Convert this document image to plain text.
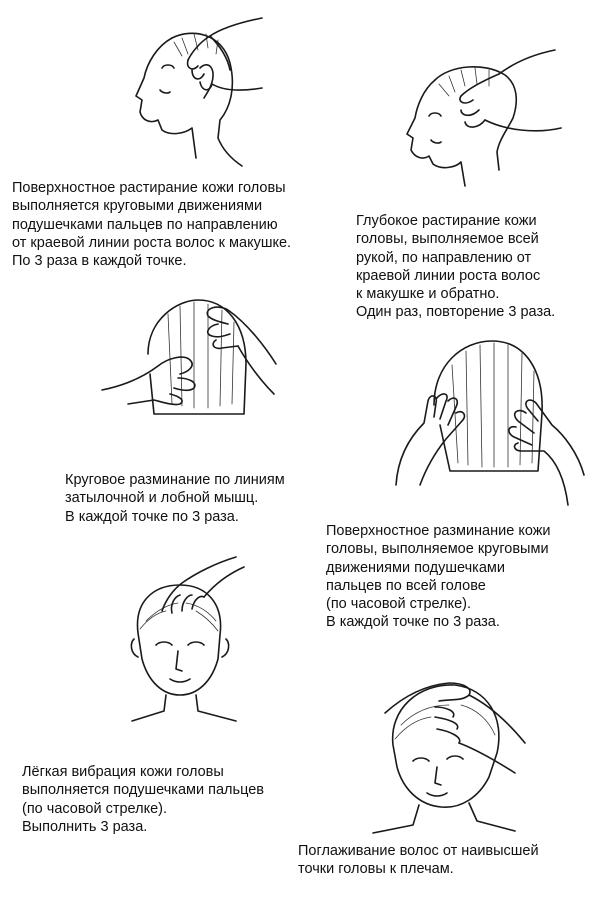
Поверхностное растирание кожи головы
выполняется круговыми движениями
подушечками пальцев по направлению
от краевой линии роста волос к макушке.
По 3 раза в каждой точке.

Глубокое растирание кожи
головы, выполняемое всей
рукой, по направлению от
краевой линии роста волос
к макушке и обратно.
Один раз, повторение 3 раза.

Круговое разминание по линиям
затылочной и лобной мышц.
В каждой точке по 3 раза.

Поверхностное разминание кожи
головы, выполняемое круговыми
движениями подушечками
пальцев по всей голове
(по часовой стрелке).
В каждой точке по 3 раза.

Лёгкая вибрация кожи головы
выполняется подушечками пальцев
(по часовой стрелке).
Выполнить 3 раза.

Поглаживание волос от наивысшей
точки головы к плечам.
